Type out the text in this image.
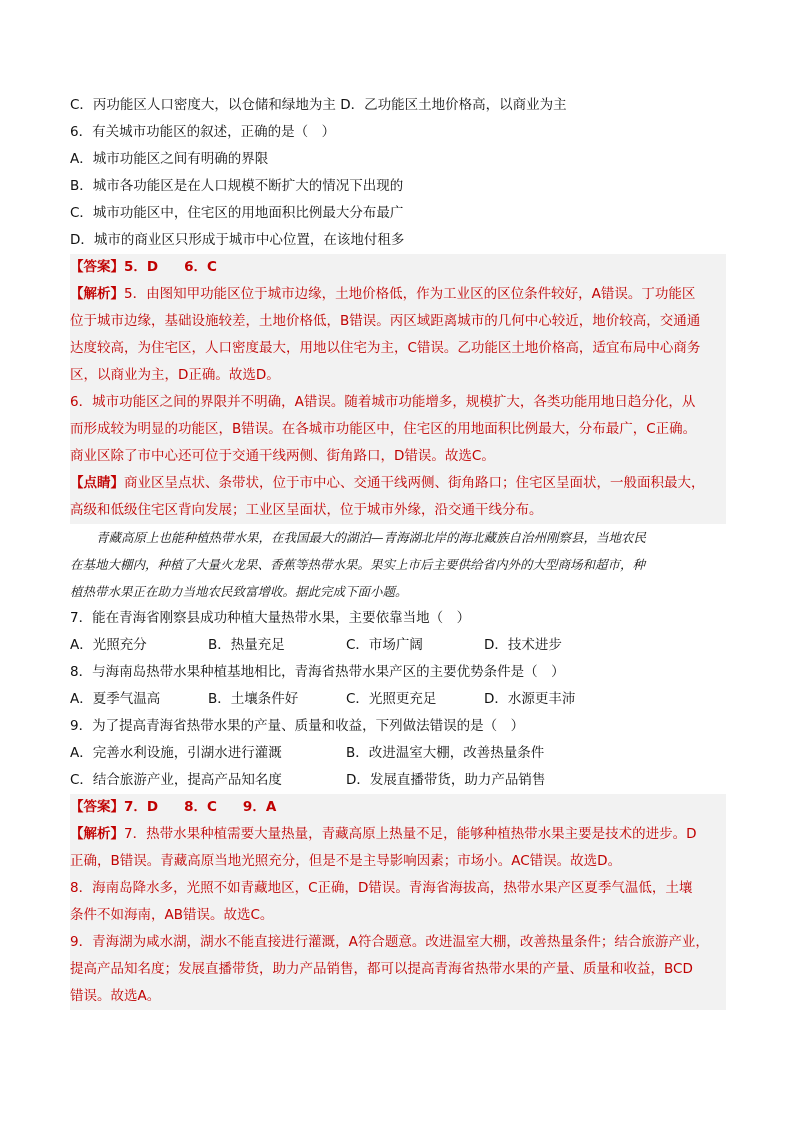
C．丙功能区人口密度大，以仓储和绿地为主 D．乙功能区土地价格高，以商业为主
6．有关城市功能区的叙述，正确的是（　）
A．城市功能区之间有明确的界限
B．城市各功能区是在人口规模不断扩大的情况下出现的
C．城市功能区中，住宅区的用地面积比例最大分布最广
D．城市的商业区只形成于城市中心位置，在该地付租多

【答案】5．D 6．C

【解析】5．由图知甲功能区位于城市边缘，土地价格低，作为工业区的区位条件较好，A错误。丁功能区

位于城市边缘，基础设施较差，土地价格低，B错误。丙区域距离城市的几何中心较近，地价较高，交通通

达度较高，为住宅区，人口密度最大，用地以住宅为主，C错误。乙功能区土地价格高，适宜布局中心商务

区，以商业为主，D正确。故选D。

6．城市功能区之间的界限并不明确，A错误。随着城市功能增多，规模扩大，各类功能用地日趋分化，从

而形成较为明显的功能区，B错误。在各城市功能区中，住宅区的用地面积比例最大，分布最广，C正确。

商业区除了市中心还可位于交通干线两侧、街角路口，D错误。故选C。

【点睛】商业区呈点状、条带状，位于市中心、交通干线两侧、街角路口；住宅区呈面状，一般面积最大，

高级和低级住宅区背向发展；工业区呈面状，位于城市外缘，沿交通干线分布。

青藏高原上也能种植热带水果，在我国最大的湖泊—青海湖北岸的海北藏族自治州刚察县，当地农民
在基地大棚内，种植了大量火龙果、香蕉等热带水果。果实上市后主要供给省内外的大型商场和超市，种
植热带水果正在助力当地农民致富增收。据此完成下面小题。
7．能在青海省刚察县成功种植大量热带水果，主要依靠当地（　）
A．光照充分	B．热量充足	C．市场广阔	D．技术进步
8．与海南岛热带水果种植基地相比，青海省热带水果产区的主要优势条件是（　）
A．夏季气温高	B．土壤条件好	C．光照更充足	D．水源更丰沛
9．为了提高青海省热带水果的产量、质量和收益，下列做法错误的是（　）
A．完善水利设施，引湖水进行灌溉	B．改进温室大棚，改善热量条件
C．结合旅游产业，提高产品知名度	D．发展直播带货，助力产品销售

【答案】7．D 8．C 9．A

【解析】7．热带水果种植需要大量热量，青藏高原上热量不足，能够种植热带水果主要是技术的进步。D

正确，B错误。青藏高原当地光照充分，但是不是主导影响因素；市场小。AC错误。故选D。

8．海南岛降水多，光照不如青藏地区，C正确，D错误。青海省海拔高，热带水果产区夏季气温低，土壤

条件不如海南，AB错误。故选C。

9．青海湖为咸水湖，湖水不能直接进行灌溉，A符合题意。改进温室大棚，改善热量条件；结合旅游产业，

提高产品知名度；发展直播带货，助力产品销售，都可以提高青海省热带水果的产量、质量和收益，BCD

错误。故选A。
